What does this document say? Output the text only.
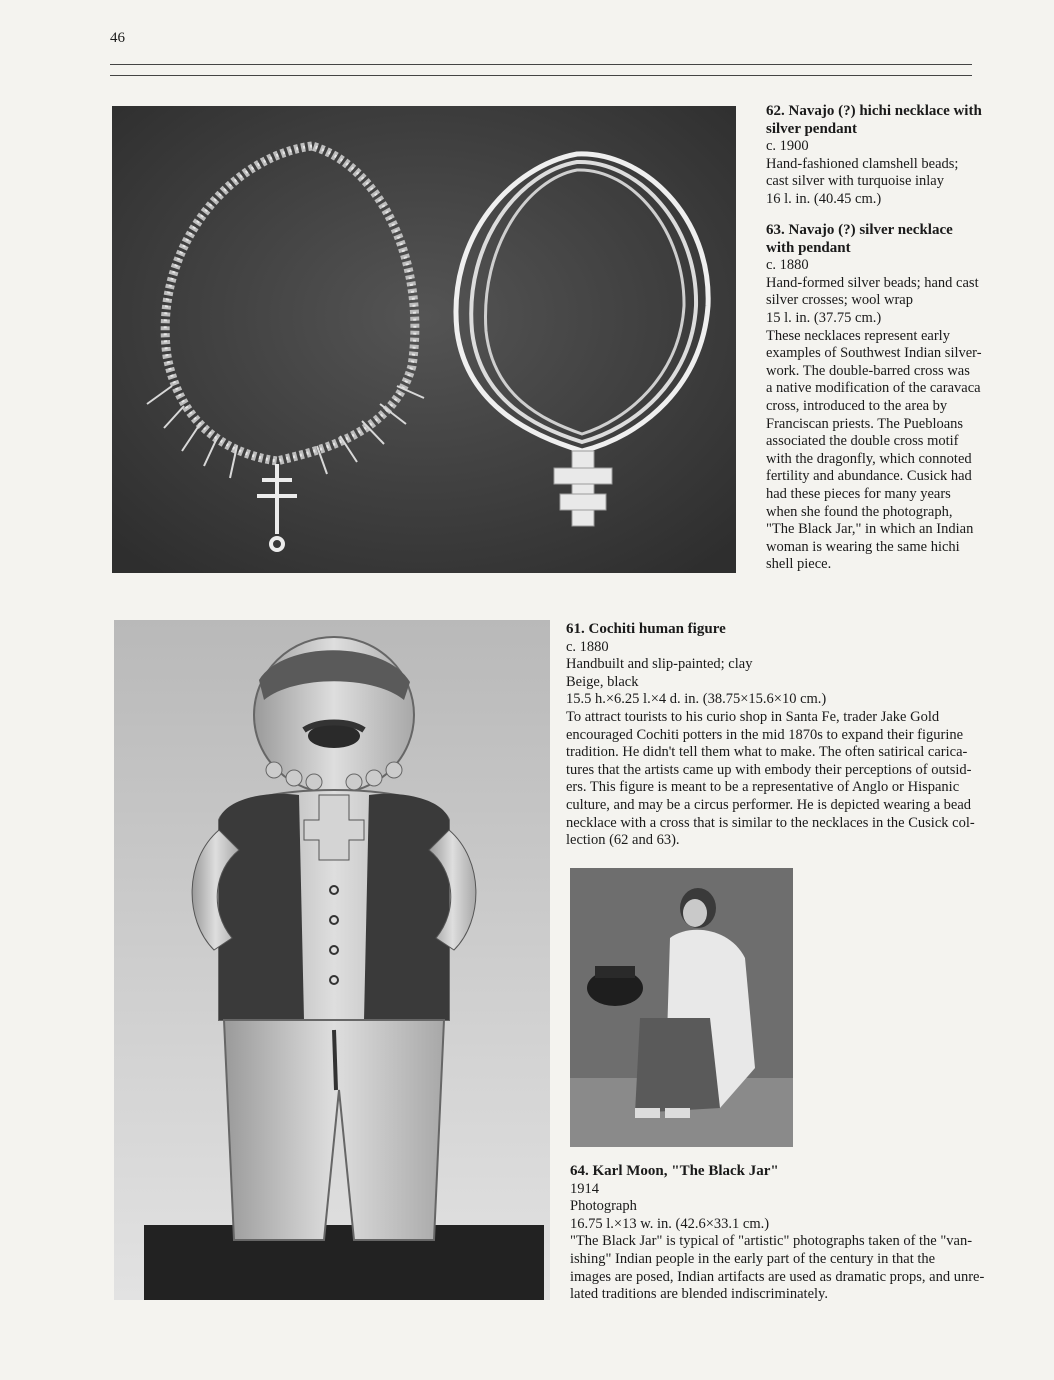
46
62. Navajo (?) hichi necklace with
silver pendant
c. 1900
Hand-fashioned clamshell beads;
cast silver with turquoise inlay
16 l. in. (40.45 cm.)
63. Navajo (?) silver necklace
with pendant
c. 1880
Hand-formed silver beads; hand cast
silver crosses; wool wrap
15 l. in. (37.75 cm.)
These necklaces represent early
examples of Southwest Indian silver-
work. The double-barred cross was
a native modification of the caravaca
cross, introduced to the area by
Franciscan priests. The Puebloans
associated the double cross motif
with the dragonfly, which connoted
fertility and abundance. Cusick had
had these pieces for many years
when she found the photograph,
"The Black Jar," in which an Indian
woman is wearing the same hichi
shell piece.
61. Cochiti human figure
c. 1880
Handbuilt and slip-painted; clay
Beige, black
15.5 h.×6.25 l.×4 d. in. (38.75×15.6×10 cm.)
To attract tourists to his curio shop in Santa Fe, trader Jake Gold
encouraged Cochiti potters in the mid 1870s to expand their figurine
tradition. He didn't tell them what to make. The often satirical carica-
tures that the artists came up with embody their perceptions of outsid-
ers. This figure is meant to be a representative of Anglo or Hispanic
culture, and may be a circus performer. He is depicted wearing a bead
necklace with a cross that is similar to the necklaces in the Cusick col-
lection (62 and 63).
64. Karl Moon, "The Black Jar"
1914
Photograph
16.75 l.×13 w. in. (42.6×33.1 cm.)
"The Black Jar" is typical of "artistic" photographs taken of the "van-
ishing" Indian people in the early part of the century in that the
images are posed, Indian artifacts are used as dramatic props, and unre-
lated traditions are blended indiscriminately.
